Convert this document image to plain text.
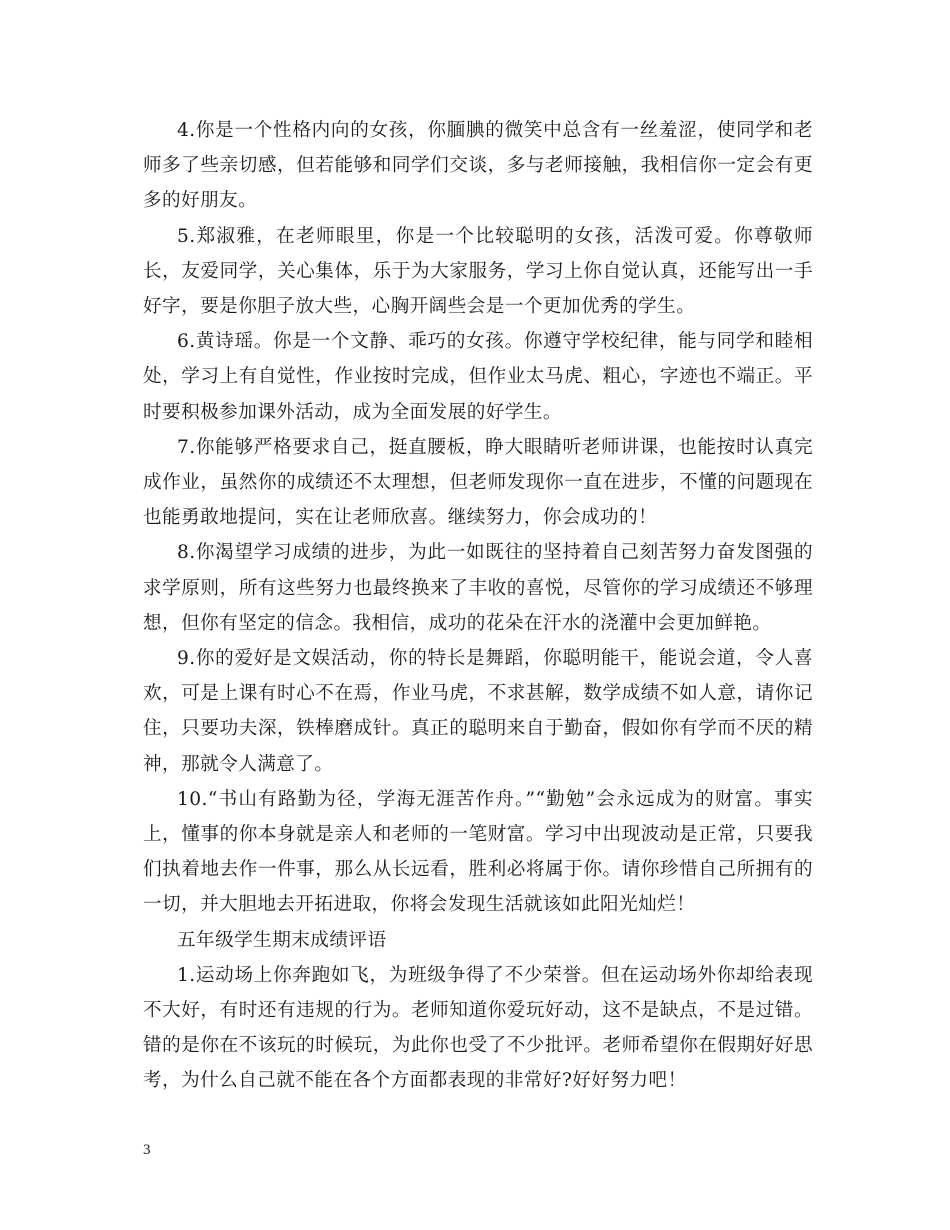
4.你是一个性格内向的女孩，你腼腆的微笑中总含有一丝羞涩，使同学和老师多了些亲切感，但若能够和同学们交谈，多与老师接触，我相信你一定会有更多的好朋友。

5.郑淑雅，在老师眼里，你是一个比较聪明的女孩，活泼可爱。你尊敬师长，友爱同学，关心集体，乐于为大家服务，学习上你自觉认真，还能写出一手好字，要是你胆子放大些，心胸开阔些会是一个更加优秀的学生。

6.黄诗瑶。你是一个文静、乖巧的女孩。你遵守学校纪律，能与同学和睦相处，学习上有自觉性，作业按时完成，但作业太马虎、粗心，字迹也不端正。平时要积极参加课外活动，成为全面发展的好学生。

7.你能够严格要求自己，挺直腰板，睁大眼睛听老师讲课，也能按时认真完成作业，虽然你的成绩还不太理想，但老师发现你一直在进步，不懂的问题现在也能勇敢地提问，实在让老师欣喜。继续努力，你会成功的！

8.你渴望学习成绩的进步，为此一如既往的坚持着自己刻苦努力奋发图强的求学原则，所有这些努力也最终换来了丰收的喜悦，尽管你的学习成绩还不够理想，但你有坚定的信念。我相信，成功的花朵在汗水的浇灌中会更加鲜艳。

9.你的爱好是文娱活动，你的特长是舞蹈，你聪明能干，能说会道，令人喜欢，可是上课有时心不在焉，作业马虎，不求甚解，数学成绩不如人意，请你记住，只要功夫深，铁棒磨成针。真正的聪明来自于勤奋，假如你有学而不厌的精神，那就令人满意了。

10.“书山有路勤为径，学海无涯苦作舟。”“勤勉”会永远成为的财富。事实上，懂事的你本身就是亲人和老师的一笔财富。学习中出现波动是正常，只要我们执着地去作一件事，那么从长远看，胜利必将属于你。请你珍惜自己所拥有的一切，并大胆地去开拓进取，你将会发现生活就该如此阳光灿烂！

五年级学生期末成绩评语

1.运动场上你奔跑如飞，为班级争得了不少荣誉。但在运动场外你却给表现不大好，有时还有违规的行为。老师知道你爱玩好动，这不是缺点，不是过错。错的是你在不该玩的时候玩，为此你也受了不少批评。老师希望你在假期好好思考，为什么自己就不能在各个方面都表现的非常好?好好努力吧！

3
